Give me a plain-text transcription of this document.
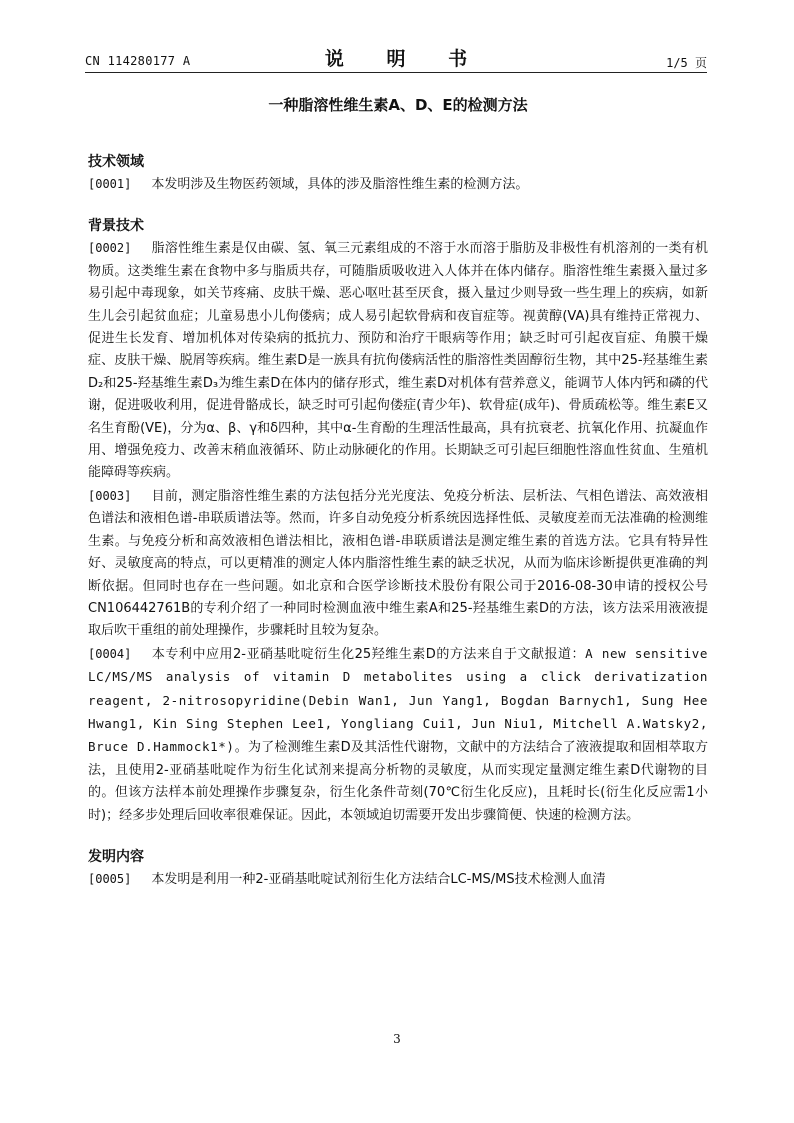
CN 114280177 A	说 明 书	1/5 页
一种脂溶性维生素A、D、E的检测方法
技术领域

[0001] 本发明涉及生物医药领域，具体的涉及脂溶性维生素的检测方法。

背景技术

[0002] 脂溶性维生素是仅由碳、氢、氧三元素组成的不溶于水而溶于脂肪及非极性有机溶剂的一类有机物质。这类维生素在食物中多与脂质共存，可随脂质吸收进入人体并在体内储存。脂溶性维生素摄入量过多易引起中毒现象，如关节疼痛、皮肤干燥、恶心呕吐甚至厌食，摄入量过少则导致一些生理上的疾病，如新生儿会引起贫血症；儿童易患小儿佝偻病；成人易引起软骨病和夜盲症等。视黄醇(VA)具有维持正常视力、促进生长发育、增加机体对传染病的抵抗力、预防和治疗干眼病等作用；缺乏时可引起夜盲症、角膜干燥症、皮肤干燥、脱屑等疾病。维生素D是一族具有抗佝偻病活性的脂溶性类固醇衍生物，其中25-羟基维生素D₂和25-羟基维生素D₃为维生素D在体内的储存形式，维生素D对机体有营养意义，能调节人体内钙和磷的代谢，促进吸收利用，促进骨骼成长，缺乏时可引起佝偻症(青少年)、软骨症(成年)、骨质疏松等。维生素E又名生育酚(VE)，分为α、β、γ和δ四种，其中α-生育酚的生理活性最高，具有抗衰老、抗氧化作用、抗凝血作用、增强免疫力、改善末稍血液循环、防止动脉硬化的作用。长期缺乏可引起巨细胞性溶血性贫血、生殖机能障碍等疾病。

[0003] 目前，测定脂溶性维生素的方法包括分光光度法、免疫分析法、层析法、气相色谱法、高效液相色谱法和液相色谱-串联质谱法等。然而，许多自动免疫分析系统因选择性低、灵敏度差而无法准确的检测维生素。与免疫分析和高效液相色谱法相比，液相色谱-串联质谱法是测定维生素的首选方法。它具有特异性好、灵敏度高的特点，可以更精准的测定人体内脂溶性维生素的缺乏状况，从而为临床诊断提供更准确的判断依据。但同时也存在一些问题。如北京和合医学诊断技术股份有限公司于2016-08-30申请的授权公号CN106442761B的专利介绍了一种同时检测血液中维生素A和25-羟基维生素D的方法，该方法采用液液提取后吹干重组的前处理操作，步骤耗时且较为复杂。

[0004] 本专利中应用2-亚硝基吡啶衍生化25羟维生素D的方法来自于文献报道：A new sensitive LC/MS/MS analysis of vitamin D metabolites using a click derivatization reagent, 2-nitrosopyridine(Debin Wan1, Jun Yang1, Bogdan Barnych1, Sung Hee Hwang1, Kin Sing Stephen Lee1, Yongliang Cui1, Jun Niu1, Mitchell A.Watsky2, Bruce D.Hammock1*)。为了检测维生素D及其活性代谢物，文献中的方法结合了液液提取和固相萃取方法，且使用2-亚硝基吡啶作为衍生化试剂来提高分析物的灵敏度，从而实现定量测定维生素D代谢物的目的。但该方法样本前处理操作步骤复杂，衍生化条件苛刻(70℃衍生化反应)，且耗时长(衍生化反应需1小时)；经多步处理后回收率很难保证。因此，本领域迫切需要开发出步骤简便、快速的检测方法。

发明内容

[0005] 本发明是利用一种2-亚硝基吡啶试剂衍生化方法结合LC-MS/MS技术检测人血清

3
